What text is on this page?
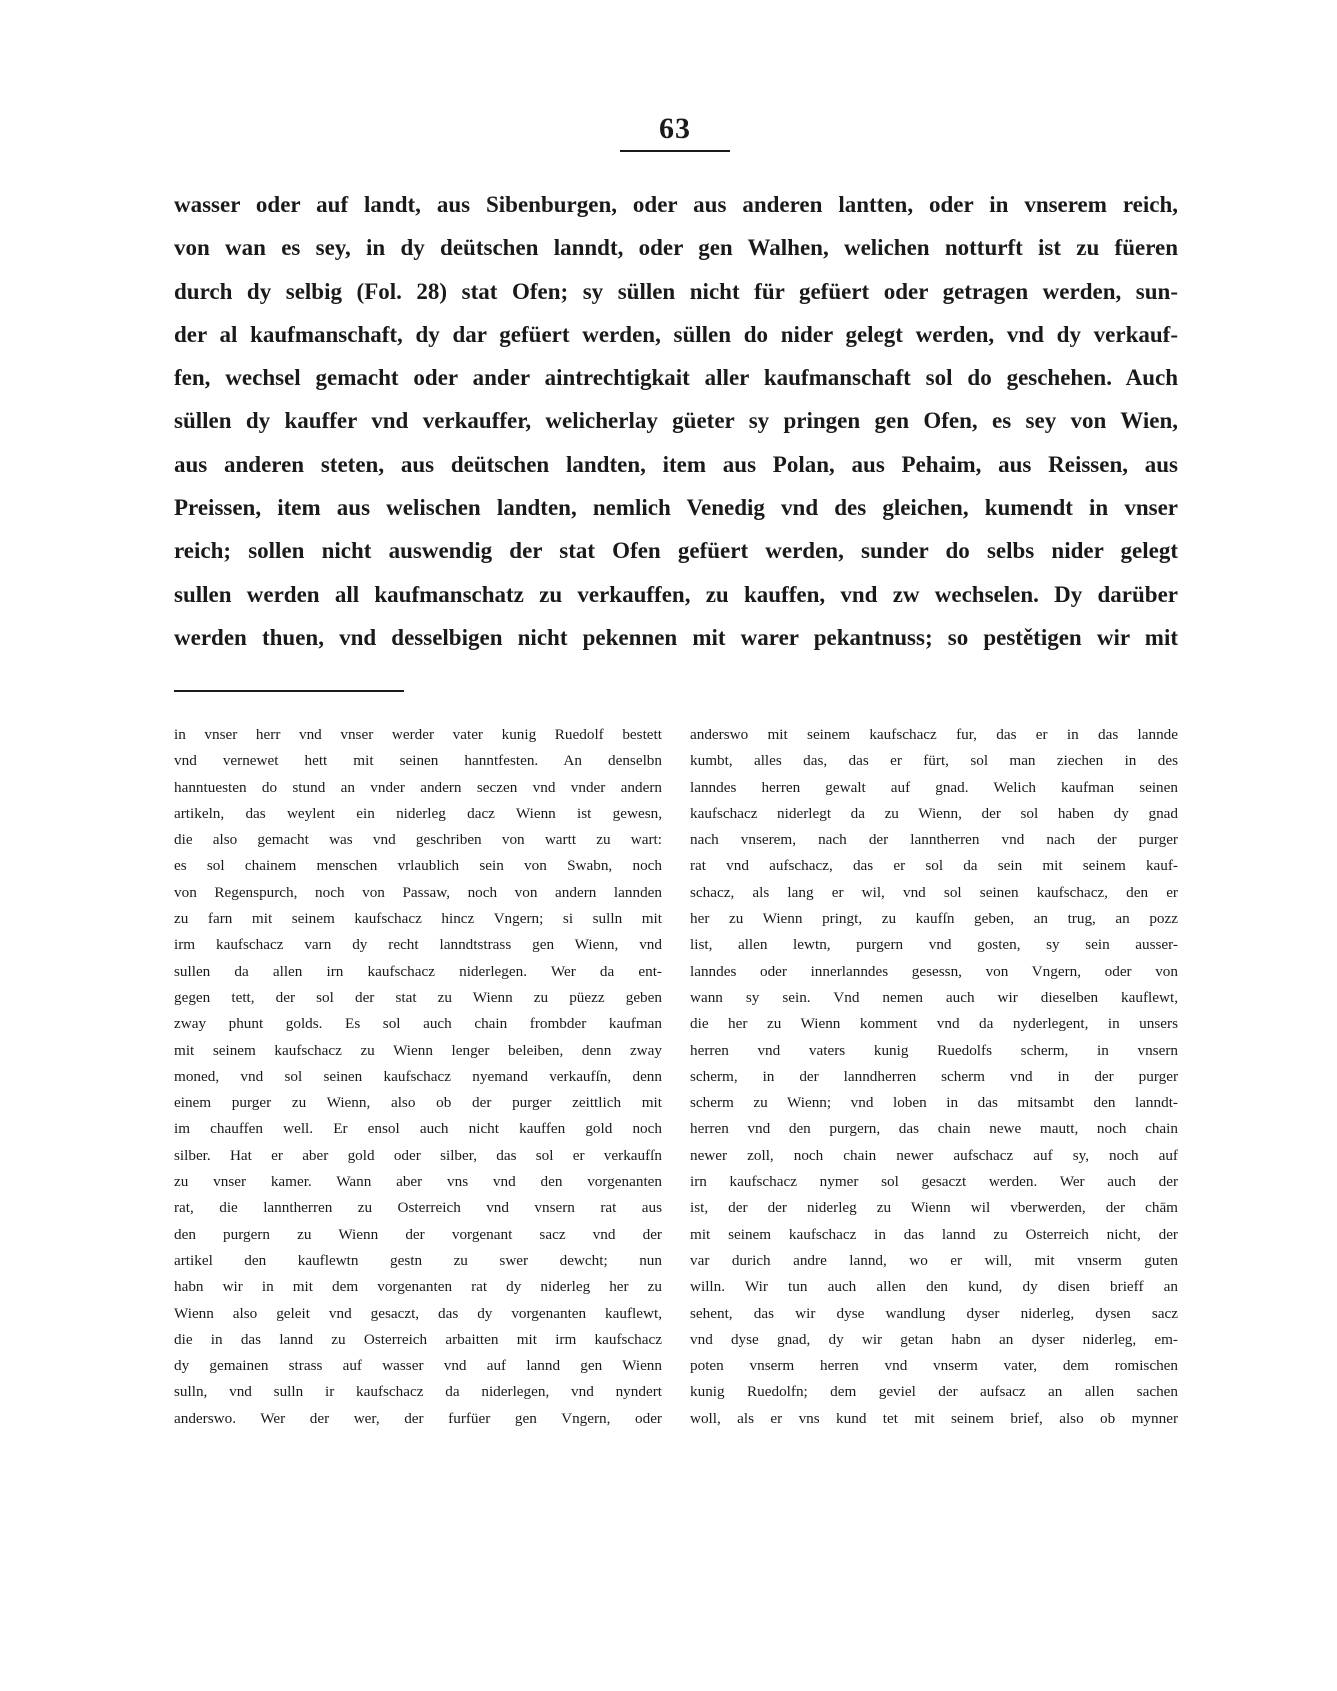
63
wasser oder auf landt, aus Sibenburgen, oder aus anderen lantten, oder in vnserem reich,
von wan es sey, in dy deütschen lanndt, oder gen Walhen, welichen notturft ist zu füeren
durch dy selbig (Fol. 28) stat Ofen; sy süllen nicht für gefüert oder getragen werden, sun-
der al kaufmanschaft, dy dar gefüert werden, süllen do nider gelegt werden, vnd dy verkauf-
fen, wechsel gemacht oder ander aintrechtigkait aller kaufmanschaft sol do geschehen. Auch
süllen dy kauffer vnd verkauffer, welicherlay güeter sy pringen gen Ofen, es sey von Wien,
aus anderen steten, aus deütschen landten, item aus Polan, aus Pehaim, aus Reissen, aus
Preissen, item aus welischen landten, nemlich Venedig vnd des gleichen, kumendt in vnser
reich; sollen nicht auswendig der stat Ofen gefüert werden, sunder do selbs nider gelegt
sullen werden all kaufmanschatz zu verkauffen, zu kauffen, vnd zw wechselen. Dy darüber
werden thuen, vnd desselbigen nicht pekennen mit warer pekantnuss; so pestětigen wir mit
in vnser herr vnd vnser werder vater kunig Ruedolf bestett
vnd vernewet hett mit seinen hanntfesten. An denselbn
hanntuesten do stund an vnder andern seczen vnd vnder andern
artikeln, das weylent ein niderleg dacz Wienn ist gewesn,
die also gemacht was vnd geschriben von wartt zu wart:
es sol chainem menschen vrlaublich sein von Swabn, noch
von Regenspurch, noch von Passaw, noch von andern lannden
zu farn mit seinem kaufschacz hincz Vngern; si sulln mit
irm kaufschacz varn dy recht lanndtstrass gen Wienn, vnd
sullen da allen irn kaufschacz niderlegen. Wer da ent-
gegen tett, der sol der stat zu Wienn zu püezz geben
zway phunt golds. Es sol auch chain frombder kaufman
mit seinem kaufschacz zu Wienn lenger beleiben, denn zway
moned, vnd sol seinen kaufschacz nyemand verkaufſn, denn
einem purger zu Wienn, also ob der purger zeittlich mit
im chauffen well. Er ensol auch nicht kauffen gold noch
silber. Hat er aber gold oder silber, das sol er verkaufſn
zu vnser kamer. Wann aber vns vnd den vorgenanten
rat, die lanntherren zu Osterreich vnd vnsern rat aus
den purgern zu Wienn der vorgenant sacz vnd der
artikel den kauflewtn gestn zu swer dewcht; nun
habn wir in mit dem vorgenanten rat dy niderleg her zu
Wienn also geleit vnd gesaczt, das dy vorgenanten kauflewt,
die in das lannd zu Osterreich arbaitten mit irm kaufschacz
dy gemainen strass auf wasser vnd auf lannd gen Wienn
sulln, vnd sulln ir kaufschacz da niderlegen, vnd nyndert
anderswo. Wer der wer, der furfüer gen Vngern, oder
anderswo mit seinem kaufschacz fur, das er in das lannde
kumbt, alles das, das er fürt, sol man ziechen in des
lanndes herren gewalt auf gnad. Welich kaufman seinen
kaufschacz niderlegt da zu Wienn, der sol haben dy gnad
nach vnserem, nach der lanntherren vnd nach der purger
rat vnd aufschacz, das er sol da sein mit seinem kauf-
schacz, als lang er wil, vnd sol seinen kaufschacz, den er
her zu Wienn pringt, zu kaufſn geben, an trug, an pozz
list, allen lewtn, purgern vnd gosten, sy sein ausser-
lanndes oder innerlanndes gesessn, von Vngern, oder von
wann sy sein. Vnd nemen auch wir dieselben kauflewt,
die her zu Wienn komment vnd da nyderlegent, in unsers
herren vnd vaters kunig Ruedolfs scherm, in vnsern
scherm, in der lanndherren scherm vnd in der purger
scherm zu Wienn; vnd loben in das mitsambt den lanndt-
herren vnd den purgern, das chain newe mautt, noch chain
newer zoll, noch chain newer aufschacz auf sy, noch auf
irn kaufschacz nymer sol gesaczt werden. Wer auch der
ist, der der niderleg zu Wienn wil vberwerden, der chām
mit seinem kaufschacz in das lannd zu Osterreich nicht, der
var durich andre lannd, wo er will, mit vnserm guten
willn. Wir tun auch allen den kund, dy disen brieff an
sehent, das wir dyse wandlung dyser niderleg, dysen sacz
vnd dyse gnad, dy wir getan habn an dyser niderleg, em-
poten vnserm herren vnd vnserm vater, dem romischen
kunig Ruedolfn; dem geviel der aufsacz an allen sachen
woll, als er vns kund tet mit seinem brief, also ob mynner
